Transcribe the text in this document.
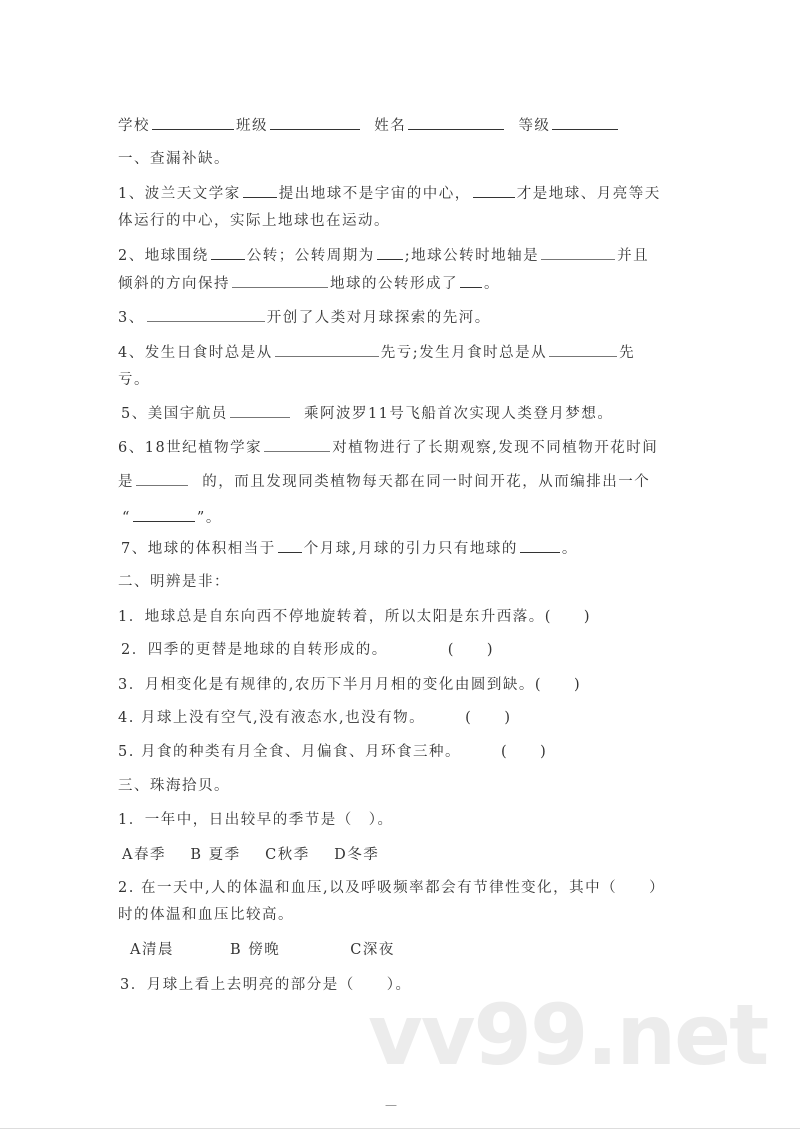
学校	班级	姓名	等级
一、查漏补缺。
1、波兰天文学家	提出地球不是宇宙的中心，	才是地球、月亮等天
体运行的中心，实际上地球也在运动。
2、地球围绕	公转；公转周期为 ;地球公转时地轴是	并且
倾斜的方向保持	地球的公转形成了 。
3、	开创了人类对月球探索的先河。
4、发生日食时总是从	先亏;发生月食时总是从	先
亏。
5、美国宇航员	乘阿波罗11号飞船首次实现人类登月梦想。
6、18世纪植物学家	对植物进行了长期观察,发现不同植物开花时间
是	的，而且发现同类植物每天都在同一时间开花，从而编排出一个
“	”。
7、地球的体积相当于 个月球,月球的引力只有地球的	。
二、明辨是非：
1．地球总是自东向西不停地旋转着，所以太阳是东升西落。(　　)
2．四季的更替是地球的自转形成的。	(　　)
3．月相变化是有规律的,农历下半月月相的变化由圆到缺。(　　)
4. 月球上没有空气,没有液态水,也没有物。	(　　)
5. 月食的种类有月全食、月偏食、月环食三种。	(　　)
三、珠海拾贝。
1．一年中，日出较早的季节是（　）。
A春季 B 夏季 C秋季 D冬季
2. 在一天中,人的体温和血压,以及呼吸频率都会有节律性变化，其中（　　）
时的体温和血压比较高。
A清晨	B 傍晚	C深夜
3．月球上看上去明亮的部分是（　　）。
vv99.net
—
